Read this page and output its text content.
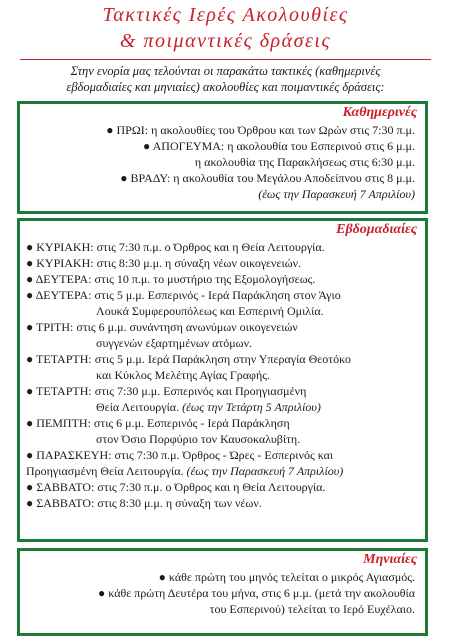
Τακτικές Ιερές Ακολουθίες
& ποιμαντικές δράσεις
Στην ενορία μας τελούνται οι παρακάτω τακτικές (καθημερινές
εβδομαδιαίες και μηνιαίες) ακολουθίες και ποιμαντικές δράσεις:
Καθημερινές
● ΠΡΩΙ: η ακολουθίες του Όρθρου και των Ωρών στις 7:30 π.μ.
● ΑΠΟΓΕΥΜΑ: η ακολουθία του Εσπερινού στις 6 μ.μ.
η ακολουθία της Παρακλήσεως στις 6:30 μ.μ.
● ΒΡΑΔΥ: η ακολουθία του Μεγάλου Αποδείπνου στις 8 μ.μ.
(έως την Παρασκευή 7 Απριλίου)
Εβδομαδιαίες
● ΚΥΡΙΑΚΗ: στις 7:30 π.μ. ο Όρθρος και η Θεία Λειτουργία.
● ΚΥΡΙΑΚΗ: στις 8:30 μ.μ. η σύναξη νέων οικογενειών.
● ΔΕΥΤΕΡΑ: στις 10 π.μ. το μυστήριο της Εξομολογήσεως.
● ΔΕΥΤΕΡΑ: στις 5 μ.μ. Εσπερινός - Ιερά Παράκληση στον Άγιο
Λουκά Συμφερουπόλεως και Εσπερινή Ομιλία.
● ΤΡΙΤΗ: στις 6 μ.μ. συνάντηση ανωνύμων οικογενειών
συγγενών εξαρτημένων ατόμων.
● ΤΕΤΑΡΤΗ: στις 5 μ.μ. Ιερά Παράκληση στην Υπεραγία Θεοτόκο
και Κύκλος Μελέτης Αγίας Γραφής.
● ΤΕΤΑΡΤΗ: στις 7:30 μ.μ. Εσπερινός και Προηγιασμένη
Θεία Λειτουργία. (έως την Τετάρτη 5 Απριλίου)
● ΠΕΜΠΤΗ: στις 6 μ.μ. Εσπερινός - Ιερά Παράκληση
στον Όσιο Πορφύριο τον Καυσοκαλυβίτη.
● ΠΑΡΑΣΚΕΥΗ: στις 7:30 π.μ. Όρθρος - Ώρες - Εσπερινός και
Προηγιασμένη Θεία Λειτουργία. (έως την Παρασκευή 7 Απριλίου)
● ΣΑΒΒΑΤΟ: στις 7:30 π.μ. ο Όρθρος και η Θεία Λειτουργία.
● ΣΑΒΒΑΤΟ: στις 8:30 μ.μ. η σύναξη των νέων.
Μηνιαίες
● κάθε πρώτη του μηνός τελείται ο μικρός Αγιασμός.
● κάθε πρώτη Δευτέρα του μήνα, στις 6 μ.μ. (μετά την ακολουθία
του Εσπερινού) τελείται το Ιερό Ευχέλαιο.
